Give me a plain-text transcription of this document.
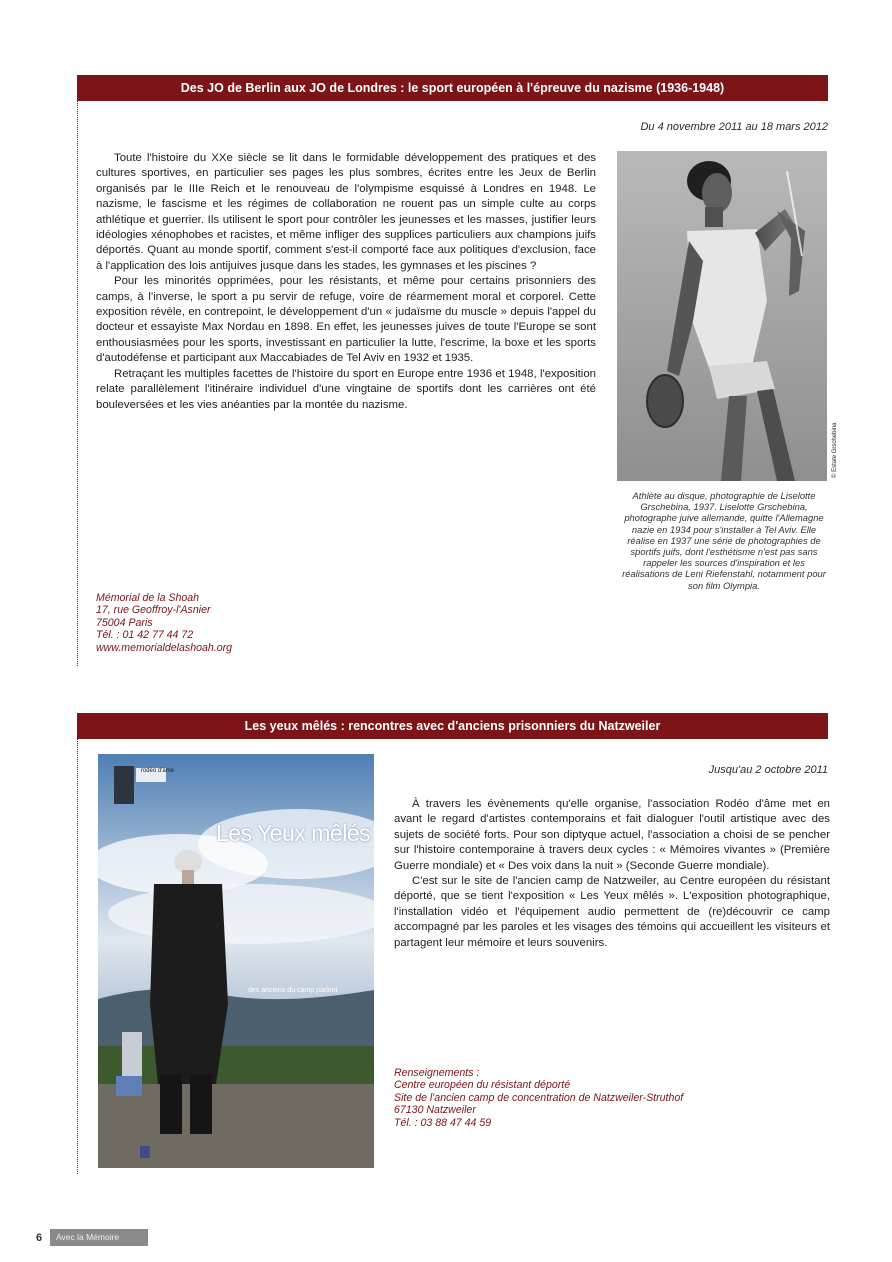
Des JO de Berlin aux JO de Londres : le sport européen à l'épreuve du nazisme (1936-1948)
Du 4 novembre 2011 au 18 mars 2012

Toute l'histoire du XXe siècle se lit dans le formidable développement des pratiques et des cultures sportives, en particulier ses pages les plus sombres, écrites entre les Jeux de Berlin organisés par le IIIe Reich et le renouveau de l'olympisme esquissé à Londres en 1948. Le nazisme, le fascisme et les régimes de collaboration ne rouent pas un simple culte au corps athlétique et guerrier. Ils utilisent le sport pour contrôler les jeunesses et les masses, justifier leurs idéologies xénophobes et racistes, et même infliger des supplices particuliers aux champions juifs déportés. Quant au monde sportif, comment s'est-il comporté face aux politiques d'exclusion, face à l'application des lois antijuives jusque dans les stades, les gymnases et les piscines ?

Pour les minorités opprimées, pour les résistants, et même pour certains prisonniers des camps, à l'inverse, le sport a pu servir de refuge, voire de réarmement moral et corporel. Cette exposition révèle, en contrepoint, le développement d'un « judaïsme du muscle » depuis l'appel du docteur et essayiste Max Nordau en 1898. En effet, les jeunesses juives de toute l'Europe se sont enthousiasmées pour les sports, investissant en particulier la lutte, l'escrime, la boxe et les sports d'autodéfense et participant aux Maccabiades de Tel Aviv en 1932 et 1935.

Retraçant les multiples facettes de l'histoire du sport en Europe entre 1936 et 1948, l'exposition relate parallèlement l'itinéraire individuel d'une vingtaine de sportifs dont les carrières ont été bouleversées et les vies anéanties par la montée du nazisme.

Mémorial de la Shoah
17, rue Geoffroy-l'Asnier
75004 Paris
Tél. : 01 42 77 44 72
www.memorialdelashoah.org
© Estate Grschebina
Athlète au disque, photographie de Liselotte Grschebina, 1937. Liselotte Grschebina, photographe juive allemande, quitte l'Allemagne nazie en 1934 pour s'installer à Tel Aviv. Elle réalise en 1937 une série de photographies de sportifs juifs, dont l'esthétisme n'est pas sans rappeler les sources d'inspiration et les réalisations de Leni Riefenstahl, notamment pour son film Olympia.
Les yeux mêlés : rencontres avec d'anciens prisonniers du Natzweiler
rodéo d'âme
Les Yeux mêlés
des anciens du camp parlent
Jusqu'au 2 octobre 2011

À travers les évènements qu'elle organise, l'association Rodéo d'âme met en avant le regard d'artistes contemporains et fait dialoguer l'outil artistique avec des sujets de société forts. Pour son diptyque actuel, l'association a choisi de se pencher sur l'histoire contemporaine à travers deux cycles : « Mémoires vivantes » (Première Guerre mondiale) et « Des voix dans la nuit » (Seconde Guerre mondiale).

C'est sur le site de l'ancien camp de Natzweiler, au Centre européen du résistant déporté, que se tient l'exposition « Les Yeux mêlés ». L'exposition photographique, l'installation vidéo et l'équipement audio permettent de (re)découvrir ce camp accompagné par les paroles et les visages des témoins qui accueillent les visiteurs et partagent leur mémoire et leurs souvenirs.

Renseignements :
Centre européen du résistant déporté
Site de l'ancien camp de concentration de Natzweiler-Struthof
67130 Natzweiler
Tél. : 03 88 47 44 59
6	Avec la Mémoire
